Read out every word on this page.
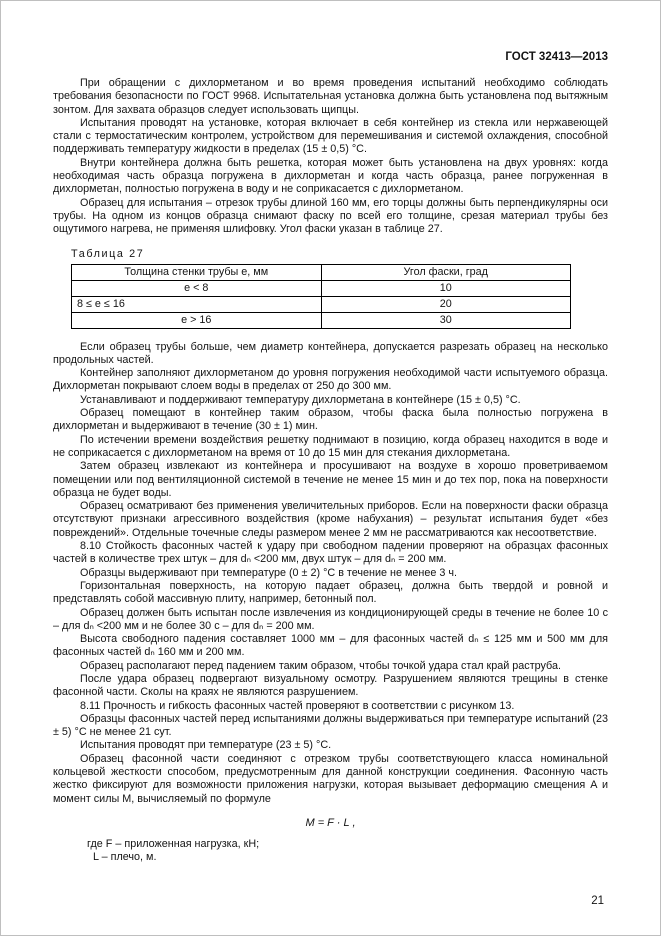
ГОСТ 32413—2013

При обращении с дихлорметаном и во время проведения испытаний необходимо соблюдать требования безопасности по ГОСТ 9968. Испытательная установка должна быть установлена под вытяжным зонтом. Для захвата образцов следует использовать щипцы.

Испытания проводят на установке, которая включает в себя контейнер из стекла или нержавеющей стали с термостатическим контролем, устройством для перемешивания и системой охлаждения, способной поддерживать температуру жидкости в пределах (15 ± 0,5) °С.

Внутри контейнера должна быть решетка, которая может быть установлена на двух уровнях: когда необходимая часть образца погружена в дихлорметан и когда часть образца, ранее погруженная в дихлорметан, полностью погружена в воду и не соприкасается с дихлорметаном.

Образец для испытания – отрезок трубы длиной 160 мм, его торцы должны быть перпендикулярны оси трубы. На одном из концов образца снимают фаску по всей его толщине, срезая материал трубы без ощутимого нагрева, не применяя шлифовку. Угол фаски указан в таблице 27.

Таблица 27
Толщина стенки трубы e, мм	Угол фаски, град
e < 8	10
8 ≤ e ≤ 16	20
e > 16	30

Если образец трубы больше, чем диаметр контейнера, допускается разрезать образец на несколько продольных частей.

Контейнер заполняют дихлорметаном до уровня погружения необходимой части испытуемого образца. Дихлорметан покрывают слоем воды в пределах от 250 до 300 мм.

Устанавливают и поддерживают температуру дихлорметана в контейнере (15 ± 0,5) °С.

Образец помещают в контейнер таким образом, чтобы фаска была полностью погружена в дихлорметан и выдерживают в течение (30 ± 1) мин.

По истечении времени воздействия решетку поднимают в позицию, когда образец находится в воде и не соприкасается с дихлорметаном на время от 10 до 15 мин для стекания дихлорметана.

Затем образец извлекают из контейнера и просушивают на воздухе в хорошо проветриваемом помещении или под вентиляционной системой в течение не менее 15 мин и до тех пор, пока на поверхности образца не будет воды.

Образец осматривают без применения увеличительных приборов. Если на поверхности фаски образца отсутствуют признаки агрессивного воздействия (кроме набухания) – результат испытания будет «без повреждений». Отдельные точечные следы размером менее 2 мм не рассматриваются как несоответствие.

8.10 Стойкость фасонных частей к удару при свободном падении проверяют на образцах фасонных частей в количестве трех штук – для dₙ <200 мм, двух штук – для dₙ = 200 мм.

Образцы выдерживают при температуре (0 ± 2) °С в течение не менее 3 ч.

Горизонтальная поверхность, на которую падает образец, должна быть твердой и ровной и представлять собой массивную плиту, например, бетонный пол.

Образец должен быть испытан после извлечения из кондиционирующей среды в течение не более 10 с – для dₙ <200 мм и не более 30 с – для dₙ = 200 мм.

Высота свободного падения составляет 1000 мм – для фасонных частей dₙ ≤ 125 мм и 500 мм для фасонных частей dₙ 160 мм и 200 мм.

Образец располагают перед падением таким образом, чтобы точкой удара стал край раструба.

После удара образец подвергают визуальному осмотру. Разрушением являются трещины в стенке фасонной части. Сколы на краях не являются разрушением.

8.11 Прочность и гибкость фасонных частей проверяют в соответствии с рисунком 13.

Образцы фасонных частей перед испытаниями должны выдерживаться при температуре испытаний (23 ± 5) °С не менее 21 сут.

Испытания проводят при температуре (23 ± 5) °С.

Образец фасонной части соединяют с отрезком трубы соответствующего класса номинальной кольцевой жесткости способом, предусмотренным для данной конструкции соединения. Фасонную часть жестко фиксируют для возможности приложения нагрузки, которая вызывает деформацию смещения A и момент силы M, вычисляемый по формуле

M = F · L ,

где F – приложенная нагрузка, кН;

L – плечо, м.

21
